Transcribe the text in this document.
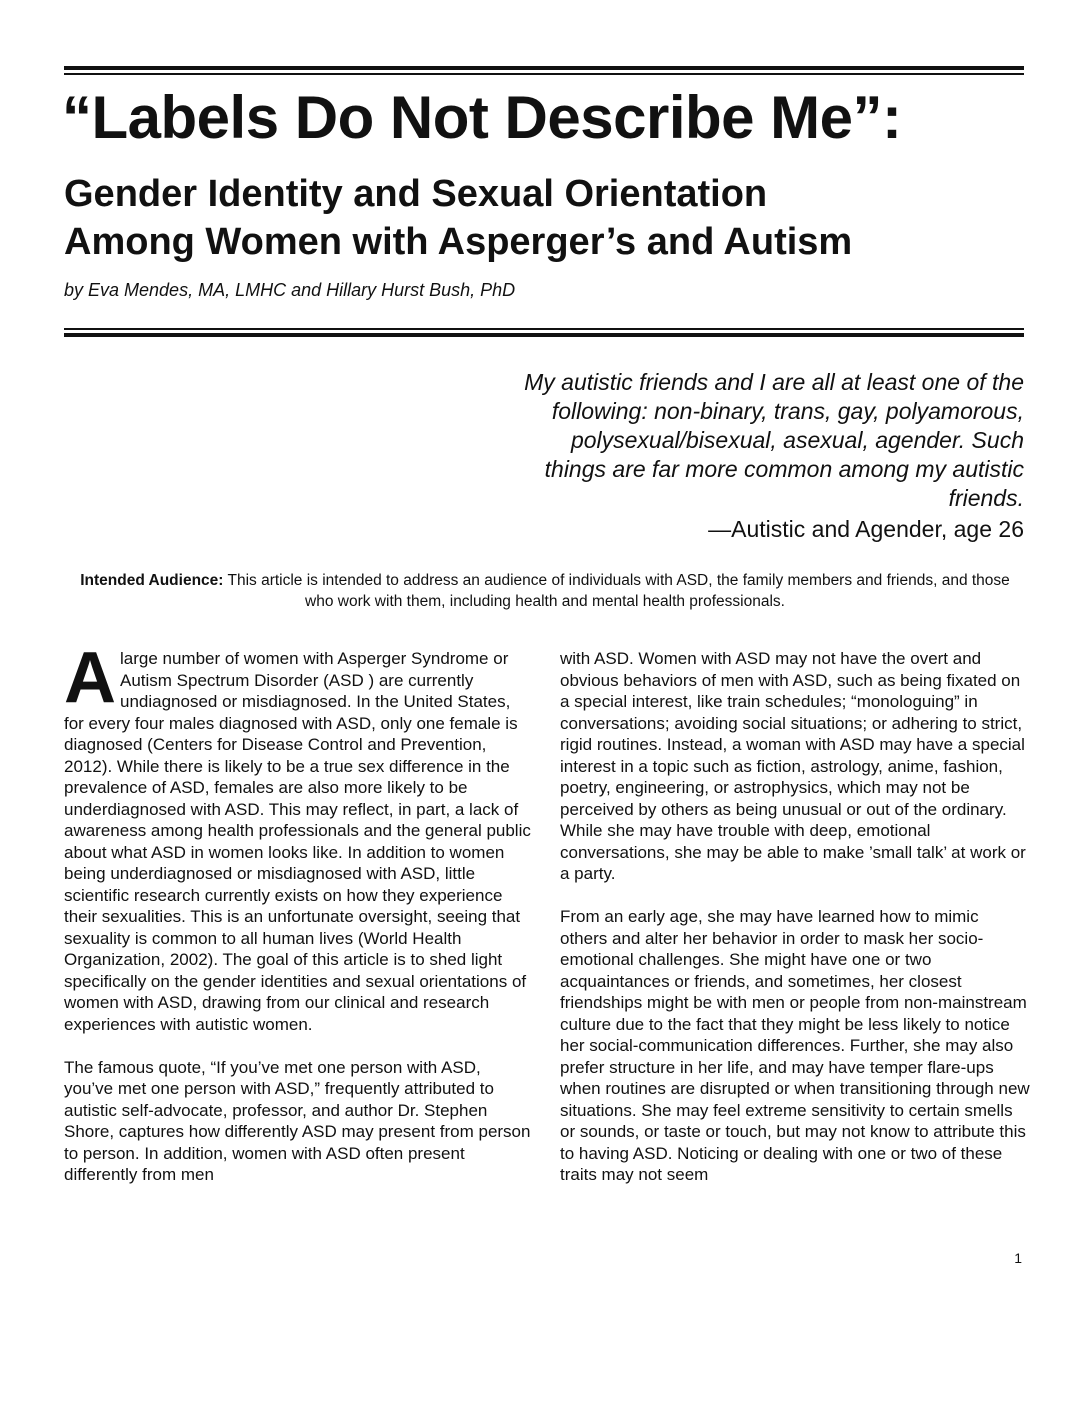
“Labels Do Not Describe Me”:
Gender Identity and Sexual Orientation
Among Women with Asperger’s and Autism

by Eva Mendes, MA, LMHC and Hillary Hurst Bush, PhD

My autistic friends and I are all at least one of the following: non-binary, trans, gay, polyamorous, polysexual/bisexual, asexual, agender. Such things are far more common among my autistic friends.

—Autistic and Agender, age 26

Intended Audience: This article is intended to address an audience of individuals with ASD, the family members and friends, and those who work with them, including health and mental health professionals.

Alarge number of women with Asperger Syndrome or Autism Spectrum Disorder (ASD ) are currently undiagnosed or misdiagnosed. In the United States, for every four males diagnosed with ASD, only one female is diagnosed (Centers for Disease Control and Prevention, 2012). While there is likely to be a true sex difference in the prevalence of ASD, females are also more likely to be underdiagnosed with ASD. This may reflect, in part, a lack of awareness among health professionals and the general public about what ASD in women looks like. In addition to women being underdiagnosed or misdiagnosed with ASD, little scientific research currently exists on how they experience their sexualities. This is an unfortunate oversight, seeing that sexuality is common to all human lives (World Health Organization, 2002). The goal of this article is to shed light specifically on the gender identities and sexual orientations of women with ASD, drawing from our clinical and research experiences with autistic women.

The famous quote, “If you’ve met one person with ASD, you’ve met one person with ASD,” frequently attributed to autistic self-advocate, professor, and author Dr. Stephen Shore, captures how differently ASD may present from person to person. In addition, women with ASD often present differently from men

with ASD. Women with ASD may not have the overt and obvious behaviors of men with ASD, such as being fixated on a special interest, like train schedules; “monologuing” in conversations; avoiding social situations; or adhering to strict, rigid routines. Instead, a woman with ASD may have a special interest in a topic such as fiction, astrology, anime, fashion, poetry, engineering, or astrophysics, which may not be perceived by others as being unusual or out of the ordinary. While she may have trouble with deep, emotional conversations, she may be able to make ’small talk’ at work or a party.

From an early age, she may have learned how to mimic others and alter her behavior in order to mask her socio-emotional challenges. She might have one or two acquaintances or friends, and sometimes, her closest friendships might be with men or people from non-mainstream culture due to the fact that they might be less likely to notice her social-communication differences. Further, she may also prefer structure in her life, and may have temper flare-ups when routines are disrupted or when transitioning through new situations. She may feel extreme sensitivity to certain smells or sounds, or taste or touch, but may not know to attribute this to having ASD. Noticing or dealing with one or two of these traits may not seem

1
